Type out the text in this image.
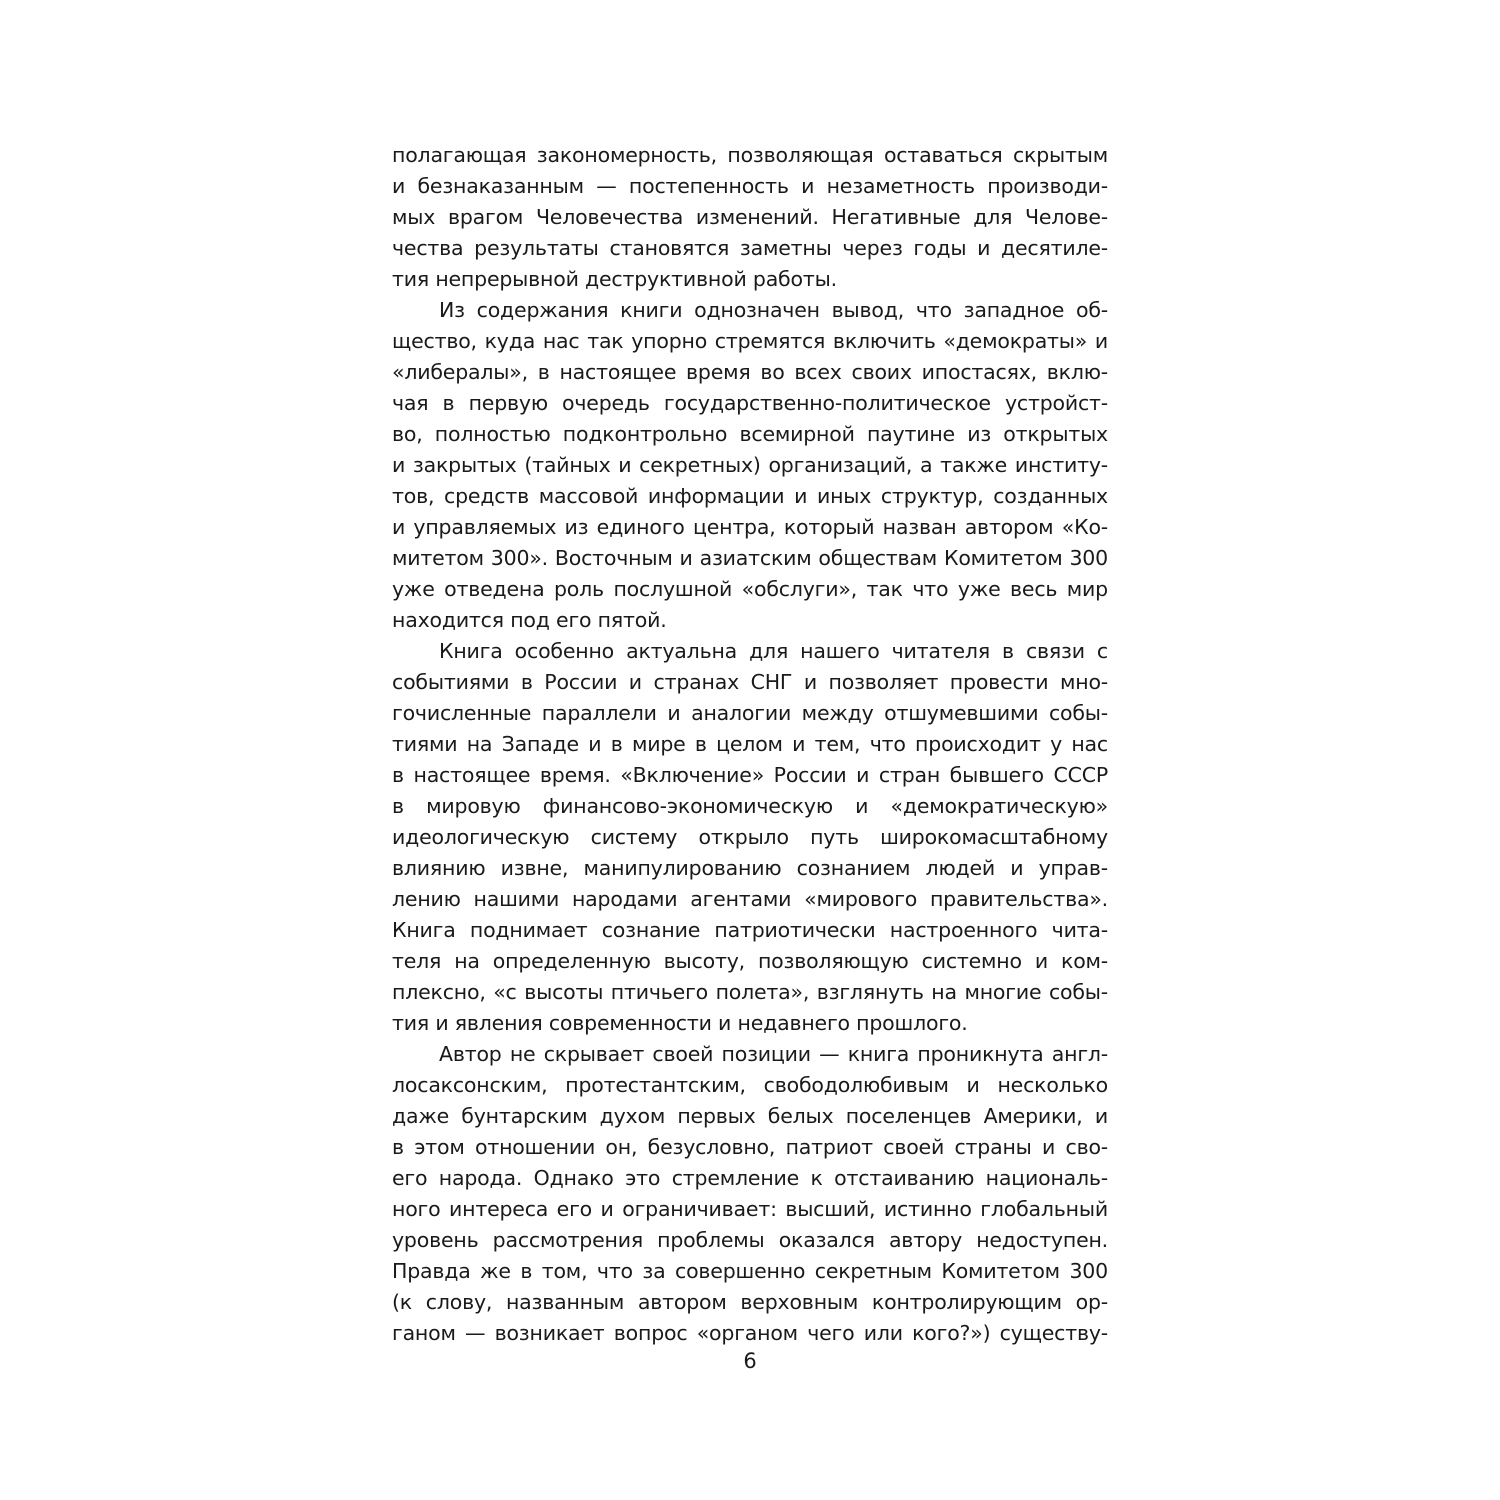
полагающая закономерность, позволяющая оставаться скрытым
и безнаказанным — постепенность и незаметность производи-
мых врагом Человечества изменений. Негативные для Челове-
чества результаты становятся заметны через годы и десятиле-
тия непрерывной деструктивной работы.
Из содержания книги однозначен вывод, что западное об-
щество, куда нас так упорно стремятся включить «демократы» и
«либералы», в настоящее время во всех своих ипостасях, вклю-
чая в первую очередь государственно-политическое устройст-
во, полностью подконтрольно всемирной паутине из открытых
и закрытых (тайных и секретных) организаций, а также институ-
тов, средств массовой информации и иных структур, созданных
и управляемых из единого центра, который назван автором «Ко-
митетом 300». Восточным и азиатским обществам Комитетом 300
уже отведена роль послушной «обслуги», так что уже весь мир
находится под его пятой.
Книга особенно актуальна для нашего читателя в связи с
событиями в России и странах СНГ и позволяет провести мно-
гочисленные параллели и аналогии между отшумевшими собы-
тиями на Западе и в мире в целом и тем, что происходит у нас
в настоящее время. «Включение» России и стран бывшего СССР
в мировую финансово-экономическую и «демократическую»
идеологическую систему открыло путь широкомасштабному
влиянию извне, манипулированию сознанием людей и управ-
лению нашими народами агентами «мирового правительства».
Книга поднимает сознание патриотически настроенного чита-
теля на определенную высоту, позволяющую системно и ком-
плексно, «с высоты птичьего полета», взглянуть на многие собы-
тия и явления современности и недавнего прошлого.
Автор не скрывает своей позиции — книга проникнута англ-
лосаксонским, протестантским, свободолюбивым и несколько
даже бунтарским духом первых белых поселенцев Америки, и
в этом отношении он, безусловно, патриот своей страны и сво-
его народа. Однако это стремление к отстаиванию националь-
ного интереса его и ограничивает: высший, истинно глобальный
уровень рассмотрения проблемы оказался автору недоступен.
Правда же в том, что за совершенно секретным Комитетом 300
(к слову, названным автором верховным контролирующим ор-
ганом — возникает вопрос «органом чего или кого?») существу-
6
